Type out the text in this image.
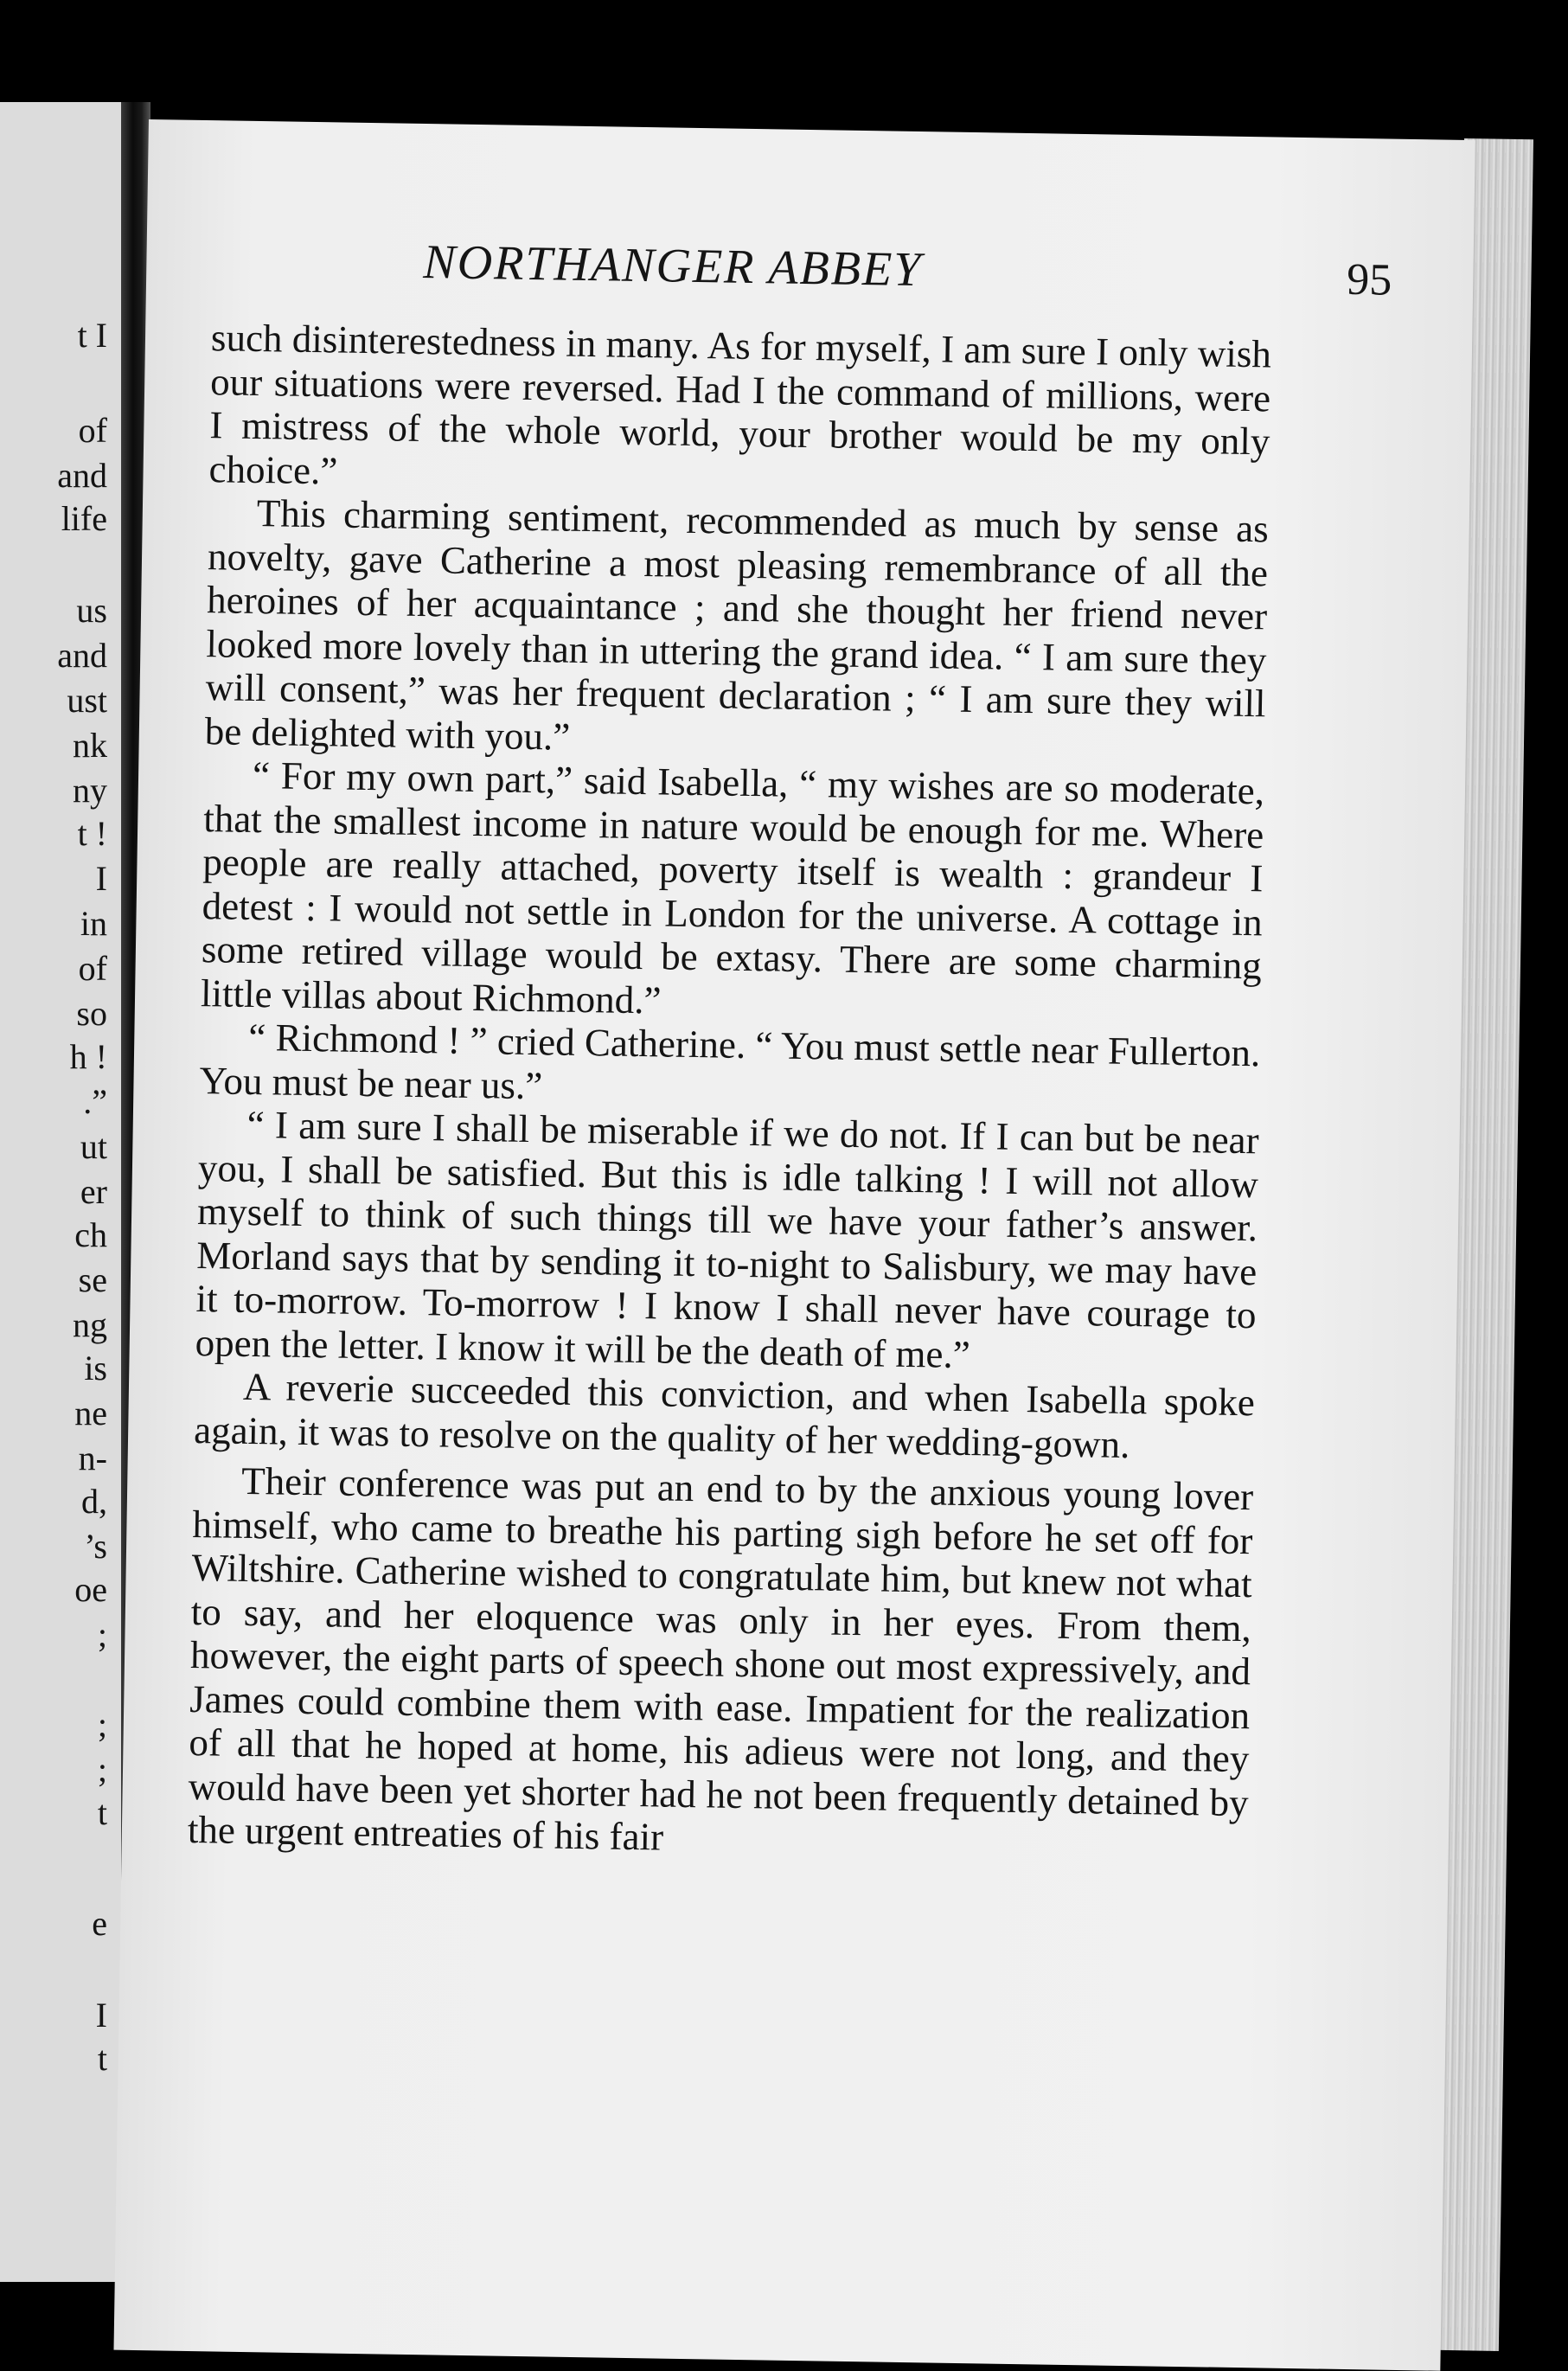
t I
of
and
life
us
and
ust
nk
ny
t !
I
in
of
so
h !
.”
ut
er
ch
se
ng
is
ne
n-
d,
’s
oe
;
;
;
t
e
I
t
NORTHANGER ABBEY	95

such disinterestedness in many. As for myself, I am sure I only wish our situations were reversed. Had I the command of millions, were I mistress of the whole world, your brother would be my only choice.”

This charming sentiment, recommended as much by sense as novelty, gave Catherine a most pleasing remembrance of all the heroines of her acquaintance ; and she thought her friend never looked more lovely than in uttering the grand idea. “ I am sure they will consent,” was her frequent declaration ; “ I am sure they will be delighted with you.”

“ For my own part,” said Isabella, “ my wishes are so moderate, that the smallest income in nature would be enough for me. Where people are really attached, poverty itself is wealth : grandeur I detest : I would not settle in London for the universe. A cottage in some retired village would be extasy. There are some charming little villas about Richmond.”

“ Richmond ! ” cried Catherine. “ You must settle near Fullerton. You must be near us.”

“ I am sure I shall be miserable if we do not. If I can but be near you, I shall be satisfied. But this is idle talking ! I will not allow myself to think of such things till we have your father’s answer. Morland says that by sending it to-night to Salisbury, we may have it to-morrow. To-morrow ! I know I shall never have courage to open the letter. I know it will be the death of me.”

A reverie succeeded this conviction, and when Isabella spoke again, it was to resolve on the quality of her wedding-gown.

Their conference was put an end to by the anxious young lover himself, who came to breathe his parting sigh before he set off for Wiltshire. Catherine wished to congratulate him, but knew not what to say, and her eloquence was only in her eyes. From them, however, the eight parts of speech shone out most expressively, and James could combine them with ease. Impatient for the realization of all that he hoped at home, his adieus were not long, and they would have been yet shorter had he not been frequently detained by the urgent entreaties of his fair
